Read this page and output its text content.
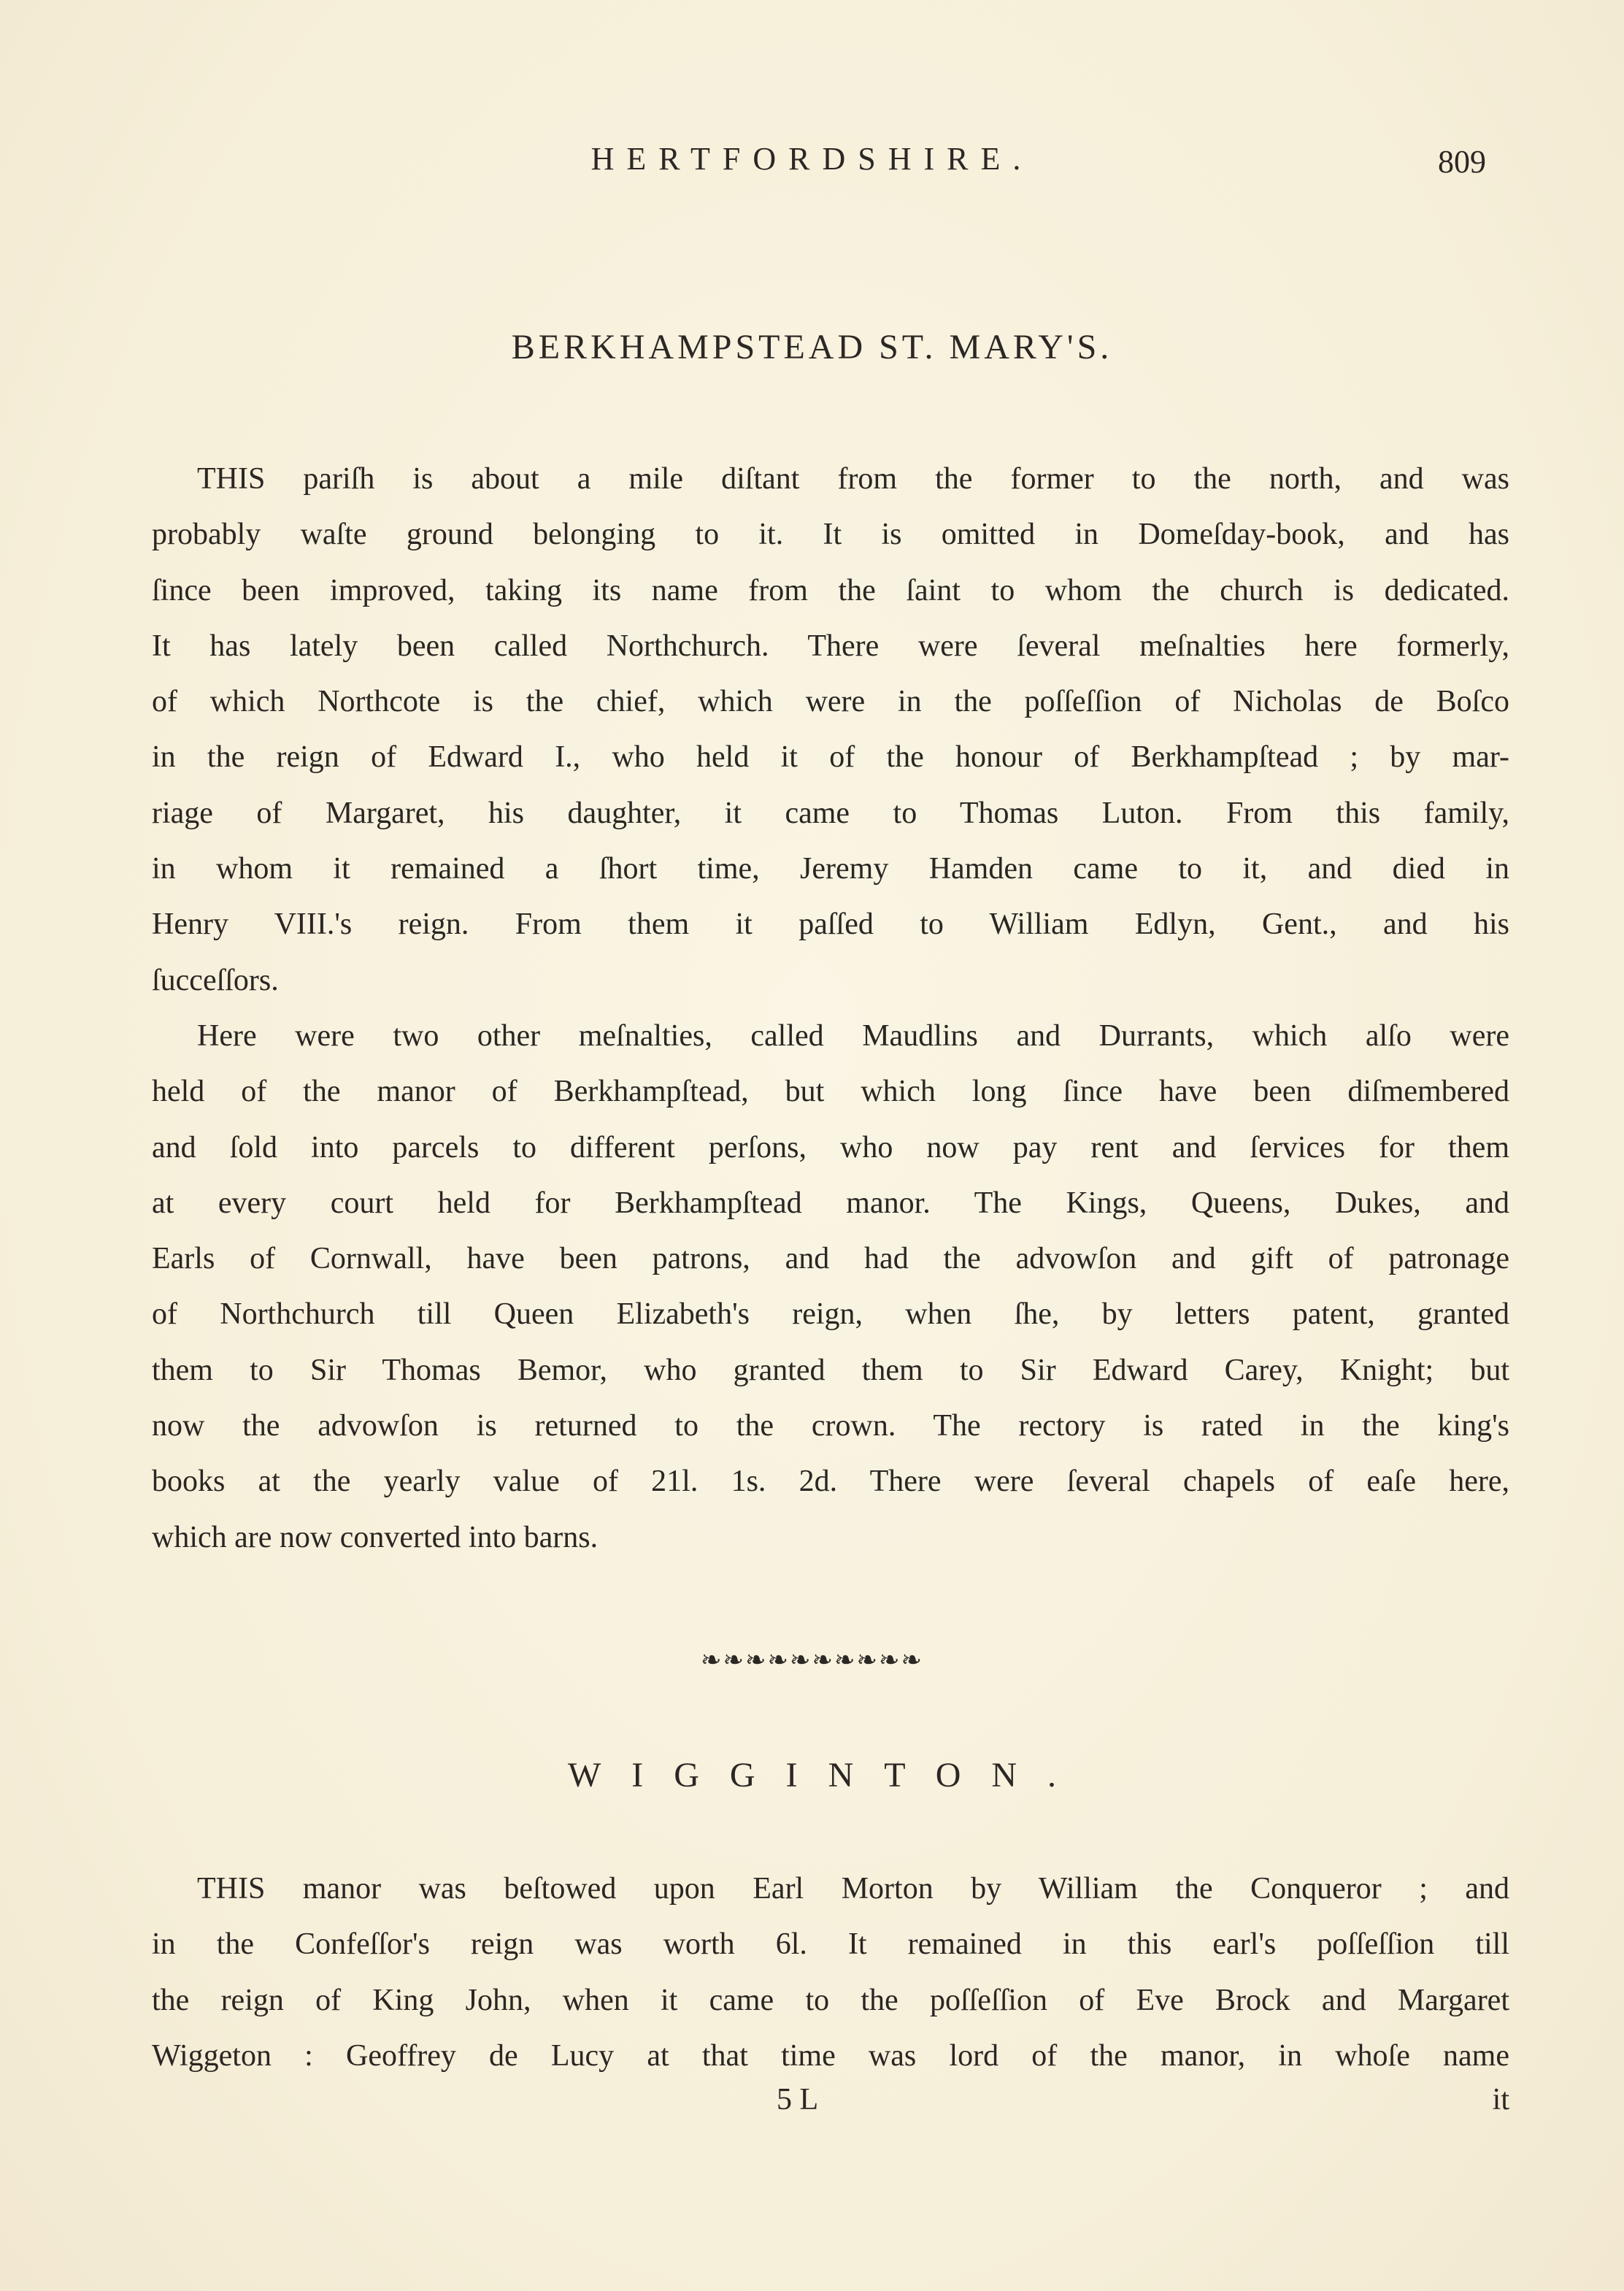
HERTFORDSHIRE.	809
BERKHAMPSTEAD ST. MARY'S.
THIS pariſh is about a mile diſtant from the former to the north, and was
probably waſte ground belonging to it. It is omitted in Domeſday-book, and has
ſince been improved, taking its name from the ſaint to whom the church is dedicated.
It has lately been called Northchurch. There were ſeveral meſnalties here formerly,
of which Northcote is the chief, which were in the poſſeſſion of Nicholas de Boſco
in the reign of Edward I., who held it of the honour of Berkhampſtead ; by mar-
riage of Margaret, his daughter, it came to Thomas Luton. From this family,
in whom it remained a ſhort time, Jeremy Hamden came to it, and died in
Henry VIII.'s reign. From them it paſſed to William Edlyn, Gent., and his
ſucceſſors.
Here were two other meſnalties, called Maudlins and Durrants, which alſo were
held of the manor of Berkhampſtead, but which long ſince have been diſmembered
and ſold into parcels to different perſons, who now pay rent and ſervices for them
at every court held for Berkhampſtead manor. The Kings, Queens, Dukes, and
Earls of Cornwall, have been patrons, and had the advowſon and gift of patronage
of Northchurch till Queen Elizabeth's reign, when ſhe, by letters patent, granted
them to Sir Thomas Bemor, who granted them to Sir Edward Carey, Knight; but
now the advowſon is returned to the crown. The rectory is rated in the king's
books at the yearly value of 21l. 1s. 2d. There were ſeveral chapels of eaſe here,
which are now converted into barns.
❧❧❧❧❧❧❧❧❧❧
WIGGINTON.
THIS manor was beſtowed upon Earl Morton by William the Conqueror ; and
in the Confeſſor's reign was worth 6l. It remained in this earl's poſſeſſion till
the reign of King John, when it came to the poſſeſſion of Eve Brock and Margaret
Wiggeton : Geoffrey de Lucy at that time was lord of the manor, in whoſe name
5 L	it
